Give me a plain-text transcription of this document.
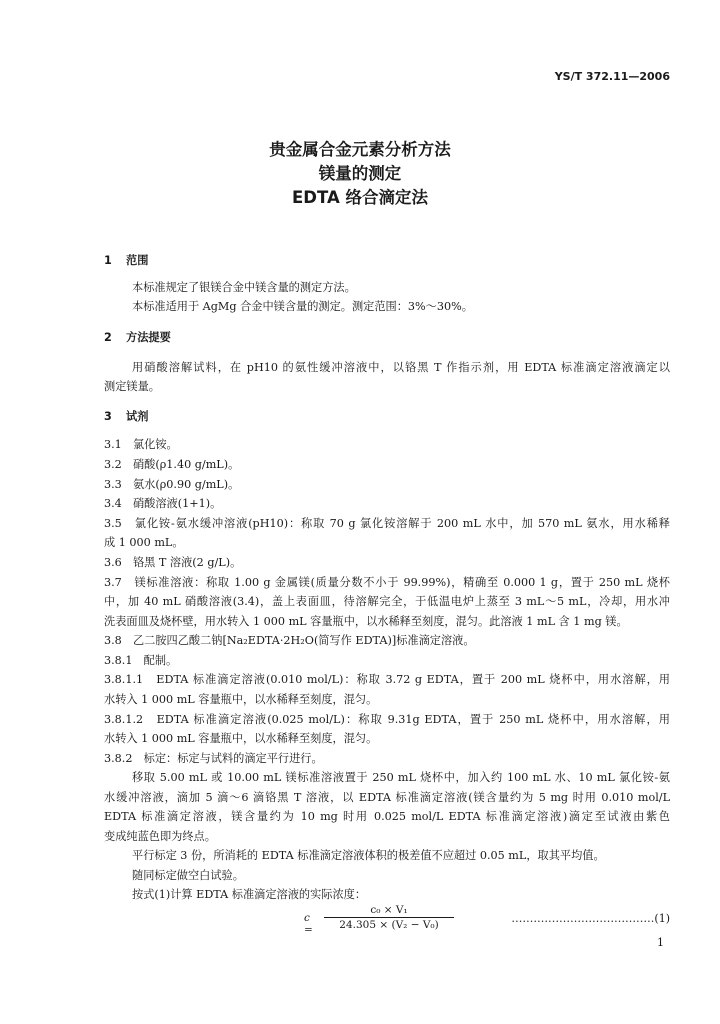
YS/T 372.11—2006
贵金属合金元素分析方法
镁量的测定
EDTA 络合滴定法
1 范围
本标准规定了银镁合金中镁含量的测定方法。
本标准适用于 AgMg 合金中镁含量的测定。测定范围：3%～30%。
2 方法提要
用硝酸溶解试料，在 pH10 的氨性缓冲溶液中，以铬黑 T 作指示剂，用 EDTA 标准滴定溶液滴定以
测定镁量。
3 试剂
3.1　氯化铵。
3.2　硝酸(ρ1.40 g/mL)。
3.3　氨水(ρ0.90 g/mL)。
3.4　硝酸溶液(1+1)。
3.5　氯化铵-氨水缓冲溶液(pH10)：称取 70 g 氯化铵溶解于 200 mL 水中，加 570 mL 氨水，用水稀释
成 1 000 mL。
3.6　铬黑 T 溶液(2 g/L)。
3.7　镁标准溶液：称取 1.00 g 金属镁(质量分数不小于 99.99%)，精确至 0.000 1 g，置于 250 mL 烧杯
中，加 40 mL 硝酸溶液(3.4)，盖上表面皿，待溶解完全，于低温电炉上蒸至 3 mL～5 mL，冷却，用水冲
洗表面皿及烧杯壁，用水转入 1 000 mL 容量瓶中，以水稀释至刻度，混匀。此溶液 1 mL 含 1 mg 镁。
3.8　乙二胺四乙酸二钠[Na₂EDTA·2H₂O(简写作 EDTA)]标准滴定溶液。
3.8.1　配制。
3.8.1.1　EDTA 标准滴定溶液(0.010 mol/L)：称取 3.72 g EDTA，置于 200 mL 烧杯中，用水溶解，用
水转入 1 000 mL 容量瓶中，以水稀释至刻度，混匀。
3.8.1.2　EDTA 标准滴定溶液(0.025 mol/L)：称取 9.31g EDTA，置于 250 mL 烧杯中，用水溶解，用
水转入 1 000 mL 容量瓶中，以水稀释至刻度，混匀。
3.8.2　标定：标定与试料的滴定平行进行。
移取 5.00 mL 或 10.00 mL 镁标准溶液置于 250 mL 烧杯中，加入约 100 mL 水、10 mL 氯化铵-氨
水缓冲溶液，滴加 5 滴～6 滴铬黑 T 溶液，以 EDTA 标准滴定溶液(镁含量约为 5 mg 时用 0.010 mol/L
EDTA 标准滴定溶液，镁含量约为 10 mg 时用 0.025 mol/L EDTA 标准滴定溶液)滴定至试液由紫色
变成纯蓝色即为终点。
平行标定 3 份，所消耗的 EDTA 标准滴定溶液体积的极差值不应超过 0.05 mL，取其平均值。
随同标定做空白试验。
按式(1)计算 EDTA 标准滴定溶液的实际浓度：
$c = \frac{\text{c₀ × V₁}}{\text{24.305 × (V₂ − V₀)}}$	…………………………………(1)
1
